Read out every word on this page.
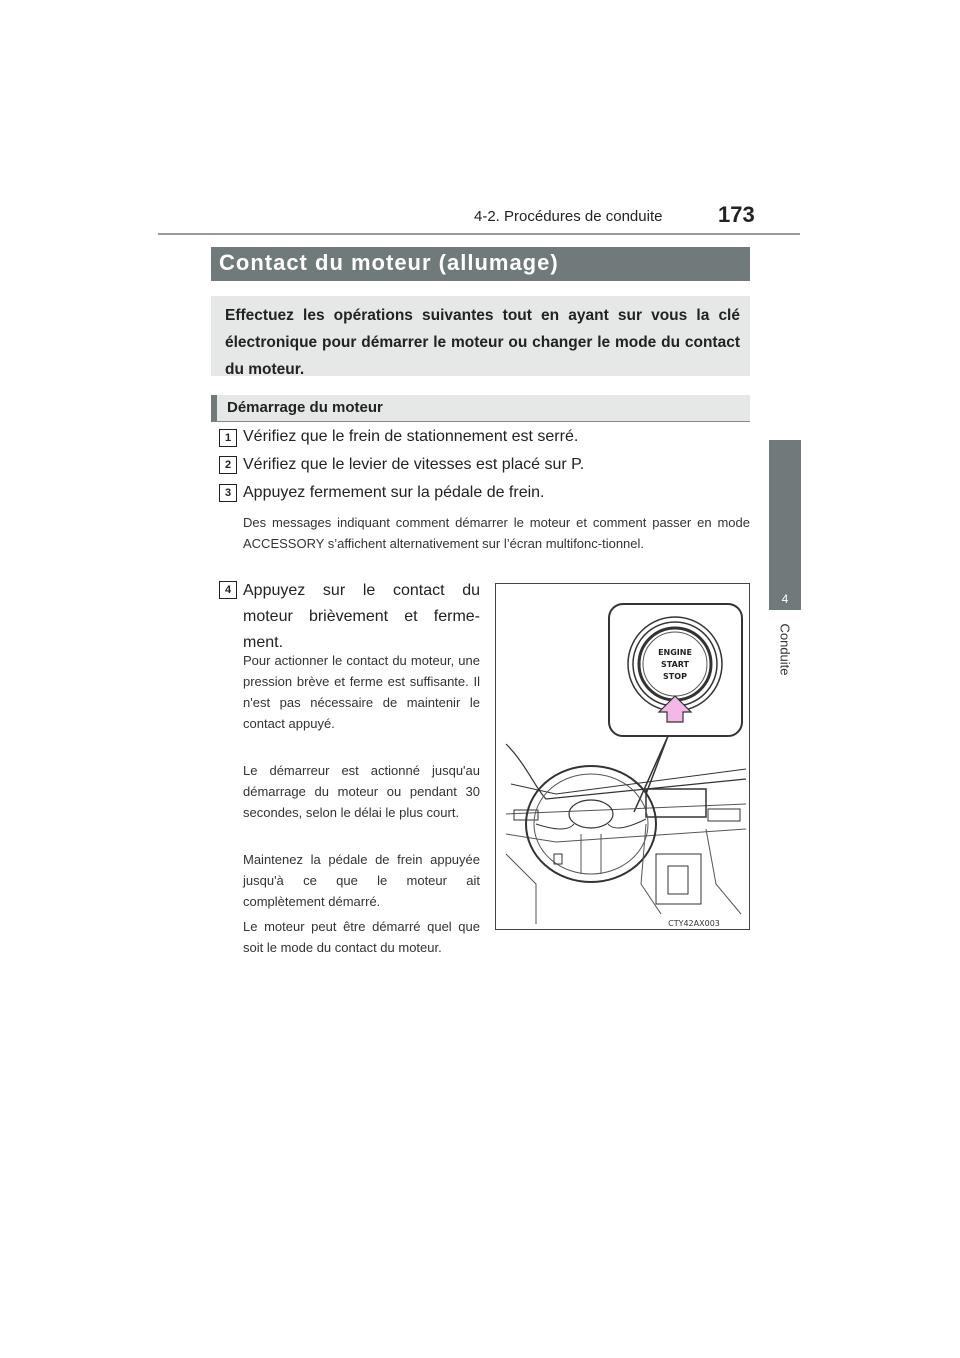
4-2. Procédures de conduite	173
4
Conduite
Contact du moteur (allumage)

Effectuez les opérations suivantes tout en ayant sur vous la clé électronique pour démarrer le moteur ou changer le mode du contact du moteur.

Démarrage du moteur
1 Vérifiez que le frein de stationnement est serré.
2 Vérifiez que le levier de vitesses est placé sur P.
3 Appuyez fermement sur la pédale de frein.

Des messages indiquant comment démarrer le moteur et comment passer en mode ACCESSORY s’affichent alternativement sur l’écran multifonc-tionnel.

4 Appuyez sur le contact du moteur brièvement et ferme-ment.

Pour actionner le contact du moteur, une pression brève et ferme est suffisante. Il n'est pas nécessaire de maintenir le contact appuyé.

Le démarreur est actionné jusqu'au démarrage du moteur ou pendant 30 secondes, selon le délai le plus court.

Maintenez la pédale de frein appuyée jusqu'à ce que le moteur ait complètement démarré.

Le moteur peut être démarré quel que soit le mode du contact du moteur.

ENGINE
START
STOP
CTY42AX003
